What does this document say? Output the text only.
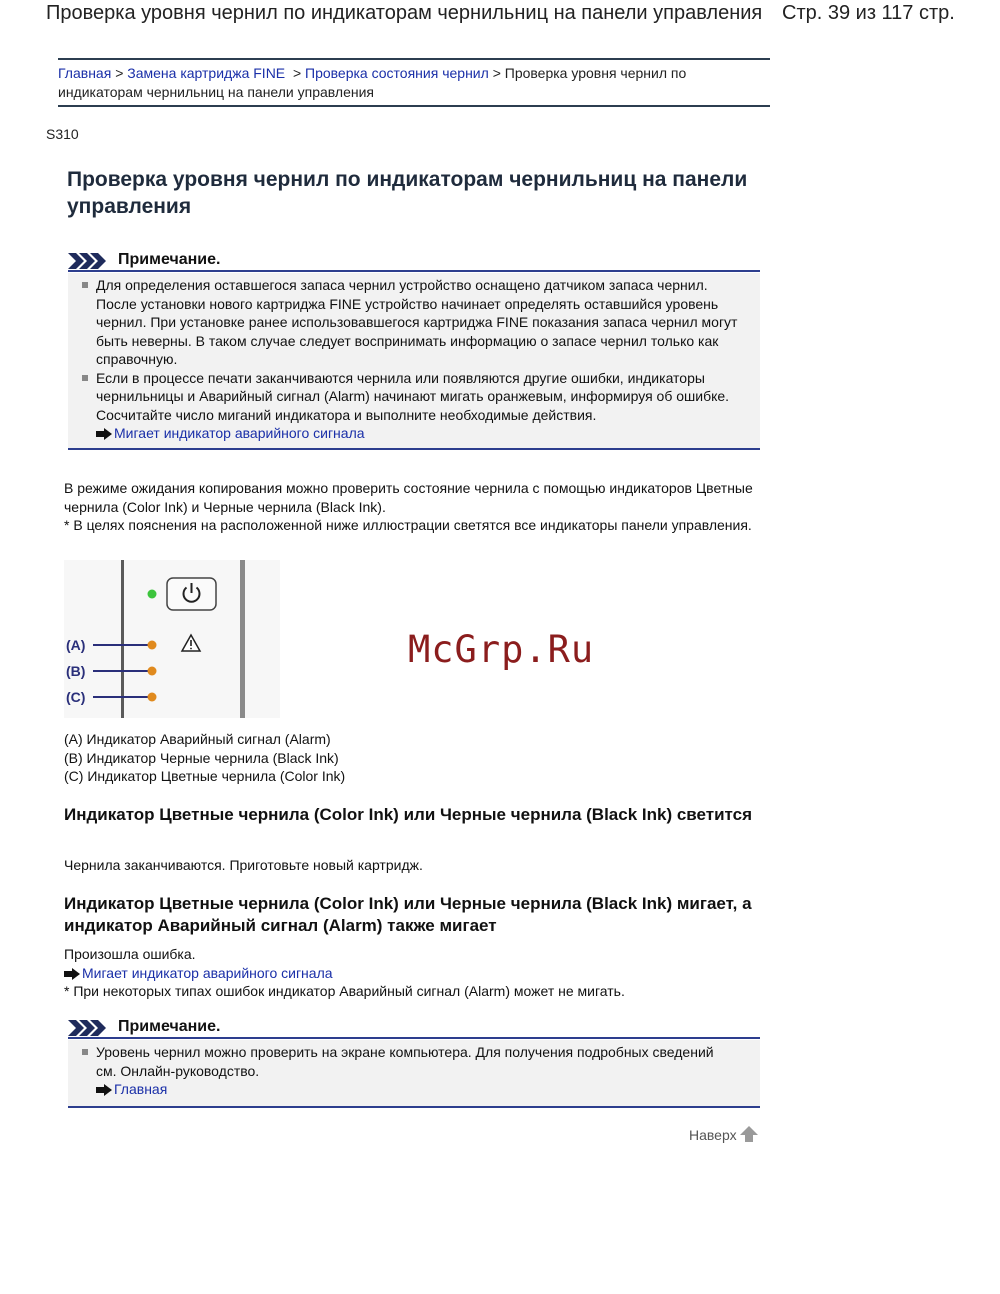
Проверка уровня чернил по индикаторам чернильниц на панели управления Стр. 39 из 117 стр.
Главная > Замена картриджа FINE > Проверка состояния чернил > Проверка уровня чернил по индикаторам чернильниц на панели управления
S310
Проверка уровня чернил по индикаторам чернильниц на панели управления
Примечание.
Для определения оставшегося запаса чернил устройство оснащено датчиком запаса чернил. После установки нового картриджа FINE устройство начинает определять оставшийся уровень чернил. При установке ранее использовавшегося картриджа FINE показания запаса чернил могут быть неверны. В таком случае следует воспринимать информацию о запасе чернил только как справочную.
Если в процессе печати заканчиваются чернила или появляются другие ошибки, индикаторы чернильницы и Аварийный сигнал (Alarm) начинают мигать оранжевым, информируя об ошибке. Сосчитайте число миганий индикатора и выполните необходимые действия.
Мигает индикатор аварийного сигнала
В режиме ожидания копирования можно проверить состояние чернила с помощью индикаторов Цветные чернила (Color Ink) и Черные чернила (Black Ink).
* В целях пояснения на расположенной ниже иллюстрации светятся все индикаторы панели управления.
(A)
(B)
(C)
(A) Индикатор Аварийный сигнал (Alarm)
(B) Индикатор Черные чернила (Black Ink)
(C) Индикатор Цветные чернила (Color Ink)
McGrp.Ru
Индикатор Цветные чернила (Color Ink) или Черные чернила (Black Ink) светится
Чернила заканчиваются. Приготовьте новый картридж.
Индикатор Цветные чернила (Color Ink) или Черные чернила (Black Ink) мигает, а индикатор Аварийный сигнал (Alarm) также мигает
Произошла ошибка.
Мигает индикатор аварийного сигнала
* При некоторых типах ошибок индикатор Аварийный сигнал (Alarm) может не мигать.
Примечание.
Уровень чернил можно проверить на экране компьютера. Для получения подробных сведений см. Онлайн-руководство.
Главная
Наверх
